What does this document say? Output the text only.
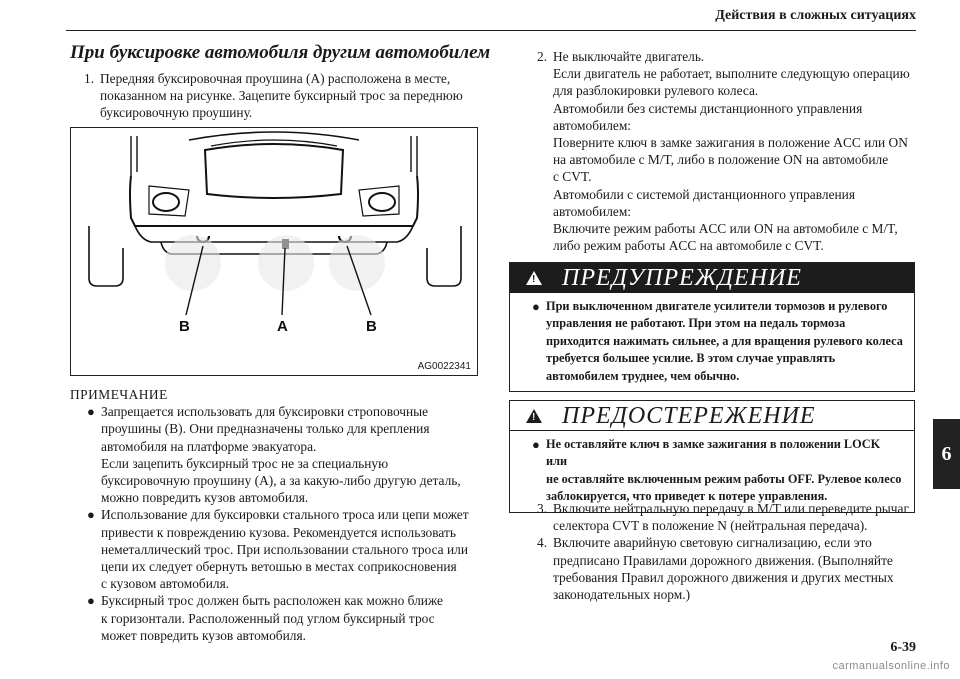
Действия в сложных ситуациях
При буксировке автомобиля другим автомобилем
1. Передняя буксировочная проушина (A) расположена в месте,
показанном на рисунке. Зацепите буксирный трос за переднюю
буксировочную проушину.
B	A	B
AG0022341
ПРИМЕЧАНИЕ
● Запрещается использовать для буксировки строповочные
проушины (B). Они предназначены только для крепления
автомобиля на платформе эвакуатора.
Если зацепить буксирный трос не за специальную
буксировочную проушину (A), а за какую-либо другую деталь,
можно повредить кузов автомобиля.
● Использование для буксировки стального троса или цепи может
привести к повреждению кузова. Рекомендуется использовать
неметаллический трос. При использовании стального троса или
цепи их следует обернуть ветошью в местах соприкосновения
с кузовом автомобиля.
● Буксирный трос должен быть расположен как можно ближе
к горизонтали. Расположенный под углом буксирный трос
может повредить кузов автомобиля.
2. Не выключайте двигатель.
Если двигатель не работает, выполните следующую операцию
для разблокировки рулевого колеса.
Автомобили без системы дистанционного управления
автомобилем:
Поверните ключ в замке зажигания в положение ACC или ON
на автомобиле с M/T, либо в положение ON на автомобиле
с CVT.
Автомобили с системой дистанционного управления
автомобилем:
Включите режим работы ACC или ON на автомобиле с M/T,
либо режим работы ACC на автомобиле с CVT.
!
ПРЕДУПРЕЖДЕНИЕ
● При выключенном двигателе усилители тормозов и рулевого
управления не работают. При этом на педаль тормоза
приходится нажимать сильнее, а для вращения рулевого колеса
требуется большее усилие. В этом случае управлять
автомобилем труднее, чем обычно.
!
ПРЕДОСТЕРЕЖЕНИЕ
● Не оставляйте ключ в замке зажигания в положении LOCK или
не оставляйте включенным режим работы OFF. Рулевое колесо
заблокируется, что приведет к потере управления.
3. Включите нейтральную передачу в M/T или переведите рычаг
селектора CVT в положение N (нейтральная передача).
4. Включите аварийную световую сигнализацию, если это
предписано Правилами дорожного движения. (Выполняйте
требования Правил дорожного движения и других местных
законодательных норм.)
6
6-39
carmanualsonline.info
